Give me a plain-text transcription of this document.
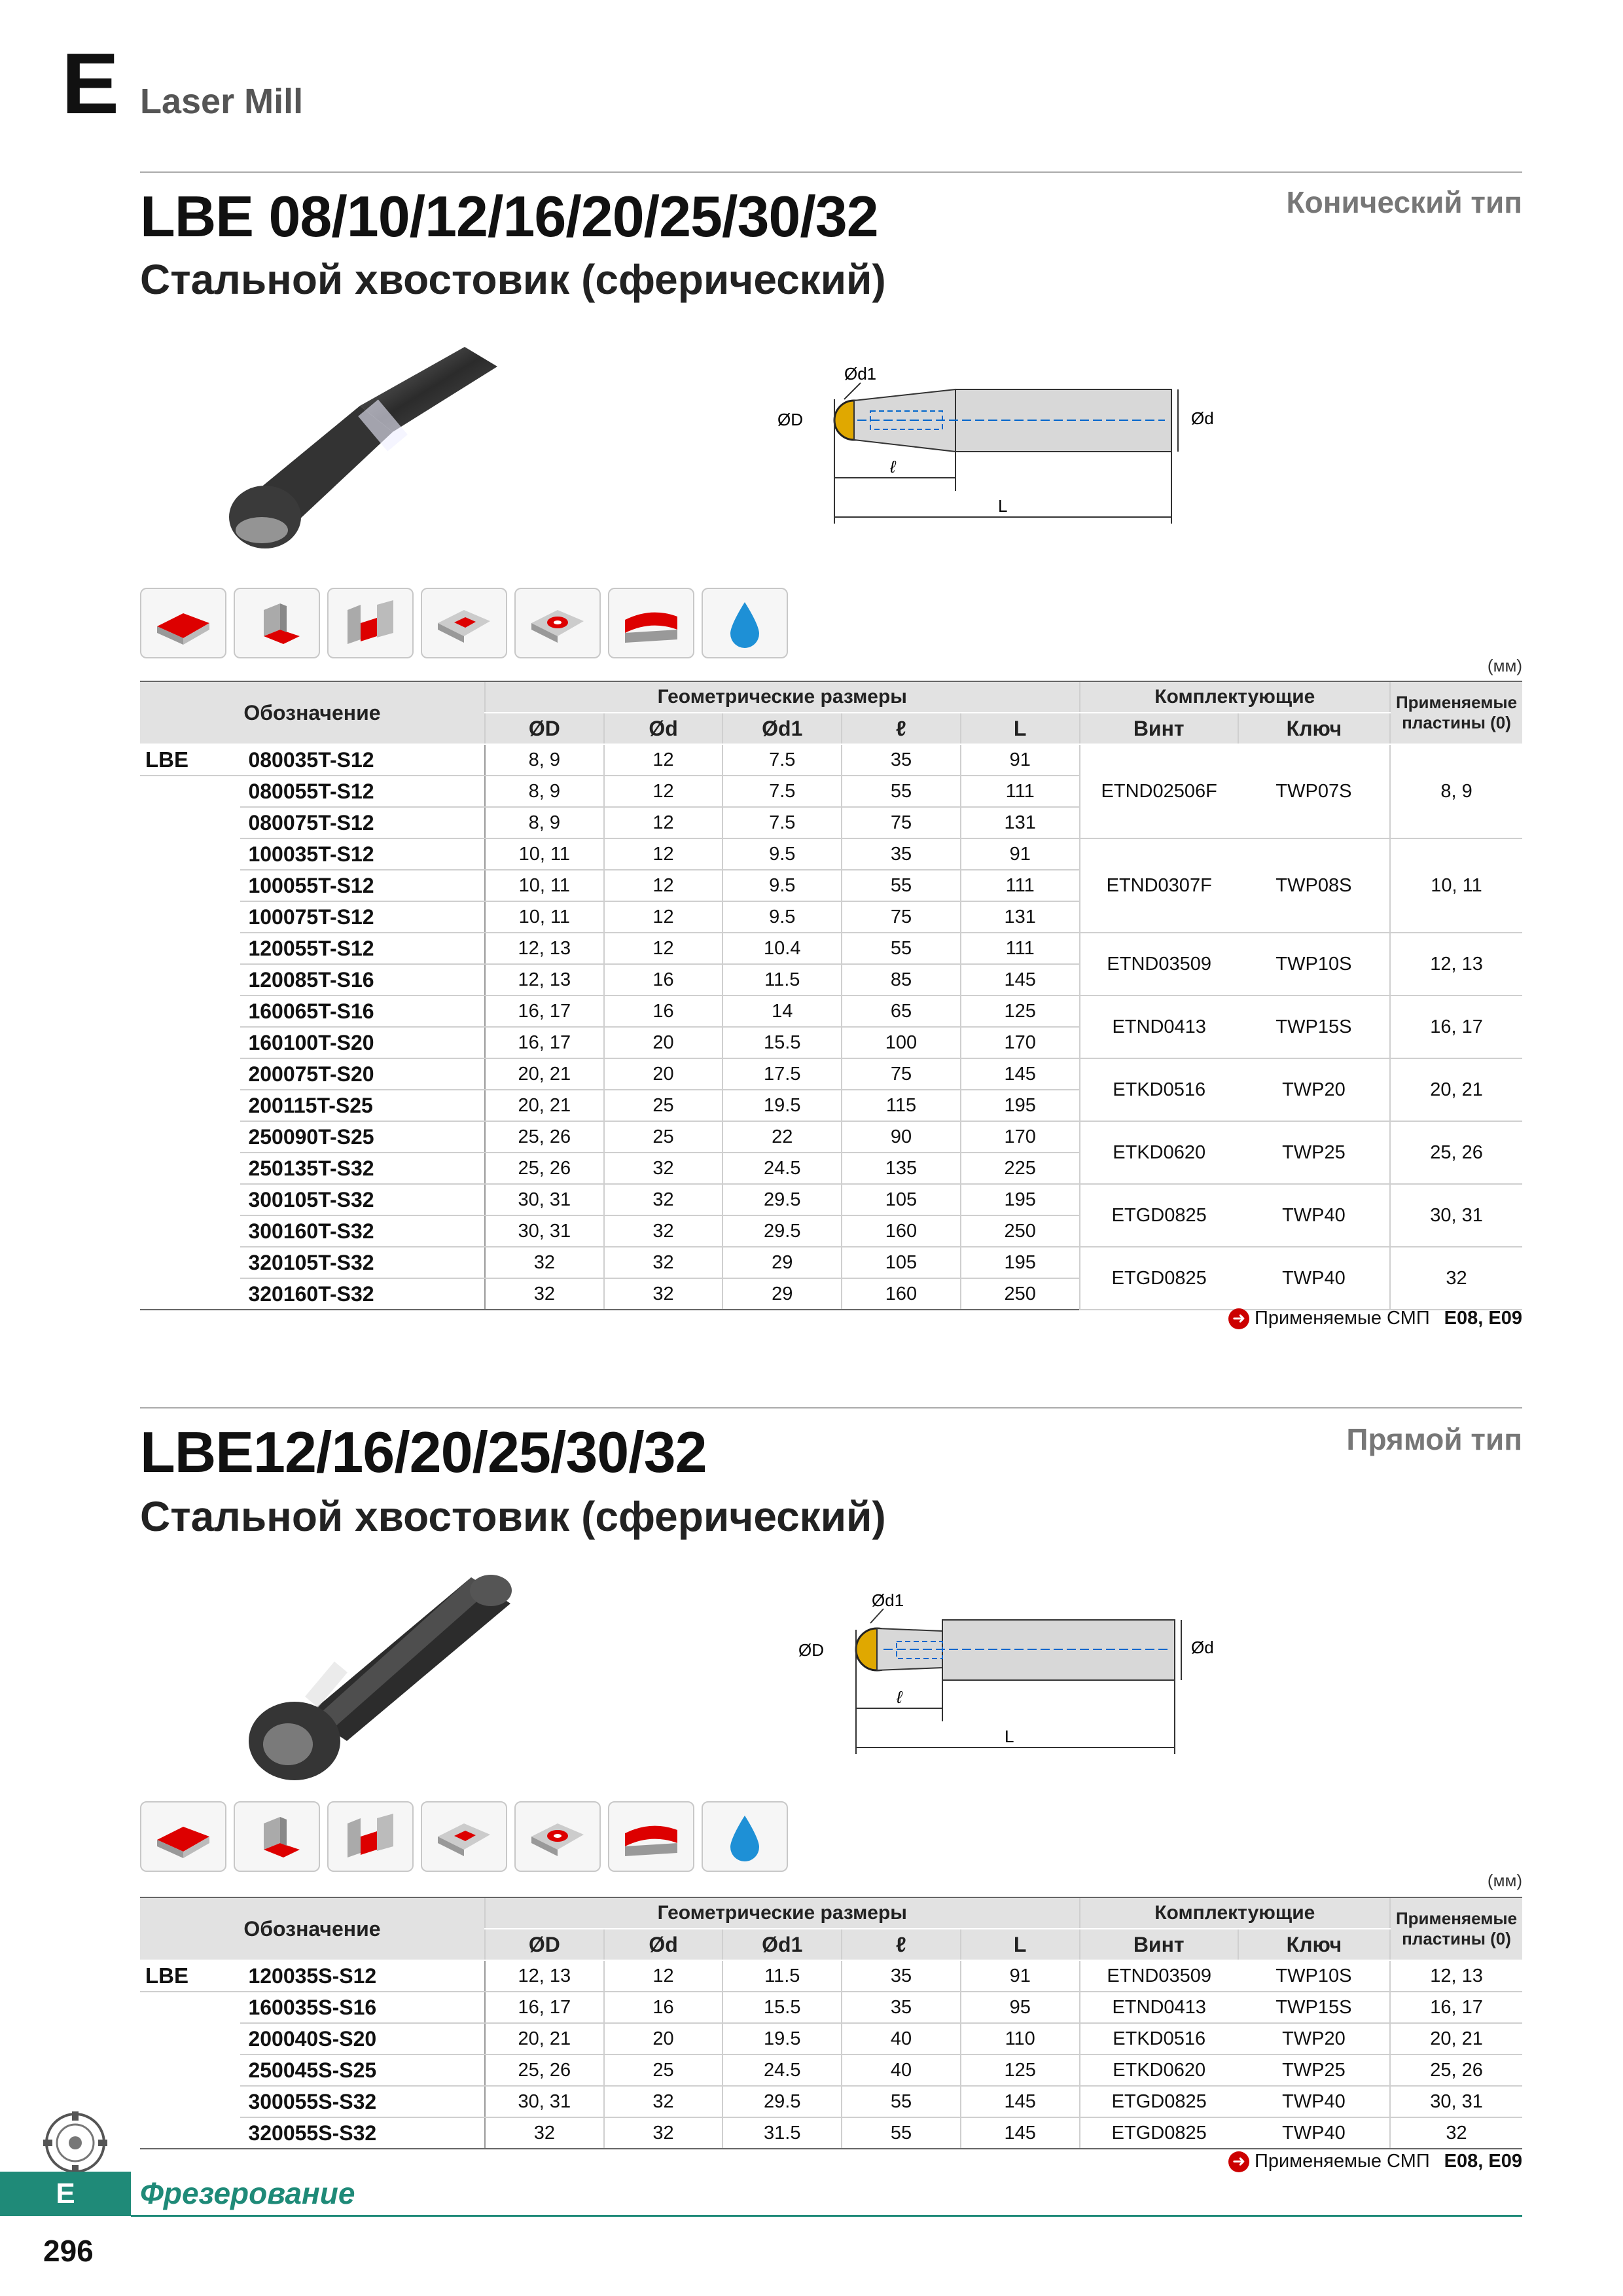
E Laser Mill
LBE 08/10/12/16/20/25/30/32	Конический тип
Стальной хвостовик (сферический)
Ød1
ØD	Ød
ℓ
L
(мм)
Обозначение		Геометрические размеры					Комплектующие		Применяемые пластины (0)
		ØD	Ød	Ød1	ℓ	L	Винт	Ключ	
LBE	080035T-S12	8, 9	12	7.5	35	91	ETND02506F	TWP07S	8, 9
	080055T-S12	8, 9	12	7.5	55	111			
	080075T-S12	8, 9	12	7.5	75	131			
	100035T-S12	10, 11	12	9.5	35	91	ETND0307F	TWP08S	10, 11
	100055T-S12	10, 11	12	9.5	55	111			
	100075T-S12	10, 11	12	9.5	75	131			
	120055T-S12	12, 13	12	10.4	55	111	ETND03509	TWP10S	12, 13
	120085T-S16	12, 13	16	11.5	85	145			
	160065T-S16	16, 17	16	14	65	125	ETND0413	TWP15S	16, 17
	160100T-S20	16, 17	20	15.5	100	170			
	200075T-S20	20, 21	20	17.5	75	145	ETKD0516	TWP20	20, 21
	200115T-S25	20, 21	25	19.5	115	195			
	250090T-S25	25, 26	25	22	90	170	ETKD0620	TWP25	25, 26
	250135T-S32	25, 26	32	24.5	135	225			
	300105T-S32	30, 31	32	29.5	105	195	ETGD0825	TWP40	30, 31
	300160T-S32	30, 31	32	29.5	160	250			
	320105T-S32	32	32	29	105	195	ETGD0825	TWP40	32
	320160T-S32	32	32	29	160	250			
➜ Применяемые СМП E08, E09
LBE12/16/20/25/30/32	Прямой тип
Стальной хвостовик (сферический)
Ød1
ØD	Ød
ℓ
L
(мм)
Обозначение		Геометрические размеры					Комплектующие		Применяемые пластины (0)
		ØD	Ød	Ød1	ℓ	L	Винт	Ключ	
LBE	120035S-S12	12, 13	12	11.5	35	91	ETND03509	TWP10S	12, 13
	160035S-S16	16, 17	16	15.5	35	95	ETND0413	TWP15S	16, 17
	200040S-S20	20, 21	20	19.5	40	110	ETKD0516	TWP20	20, 21
	250045S-S25	25, 26	25	24.5	40	125	ETKD0620	TWP25	25, 26
	300055S-S32	30, 31	32	29.5	55	145	ETGD0825	TWP40	30, 31
	320055S-S32	32	32	31.5	55	145	ETGD0825	TWP40	32
➜ Применяемые СМП E08, E09
E	Фрезерование
296
